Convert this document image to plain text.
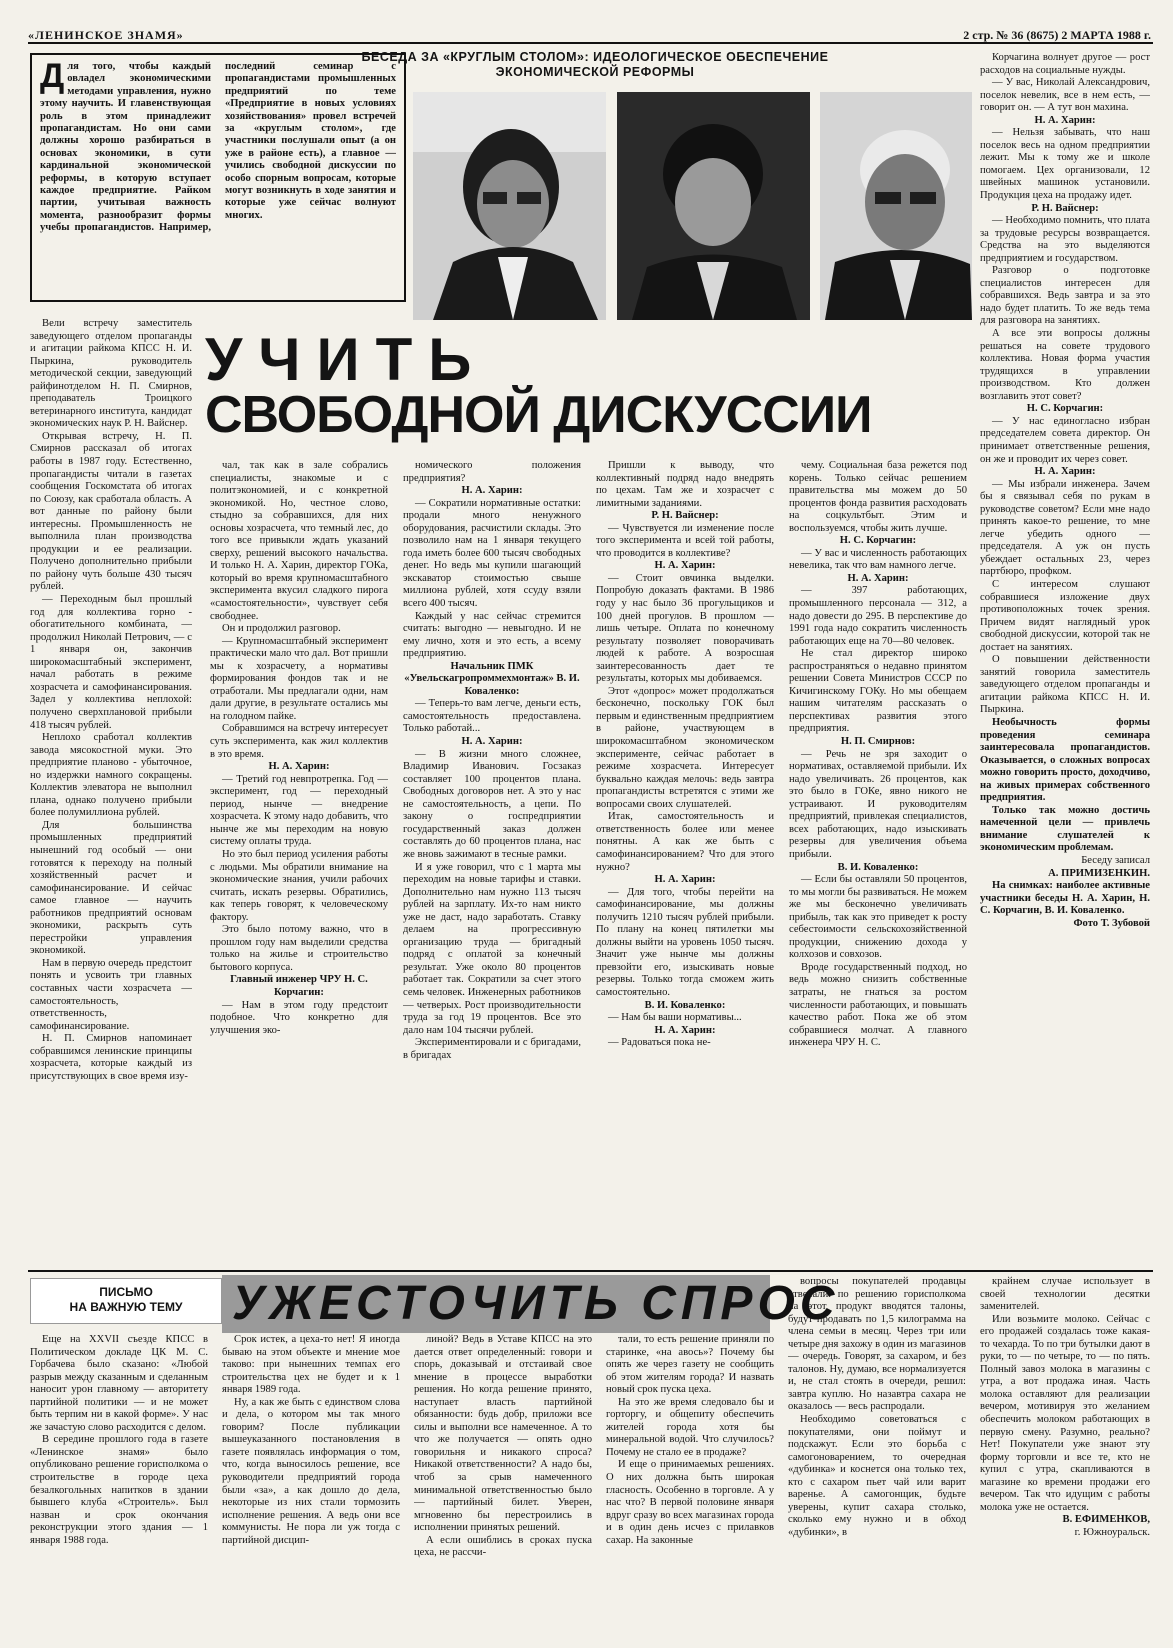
«ЛЕНИНСКОЕ ЗНАМЯ»	2 стр. № 36 (8675) 2 МАРТА 1988 г.
БЕСЕДА ЗА «КРУГЛЫМ СТОЛОМ»: ИДЕОЛОГИЧЕСКОЕ ОБЕСПЕЧЕНИЕ
ЭКОНОМИЧЕСКОЙ РЕФОРМЫ
Д ля того, чтобы каждый овладел экономическими методами управления, нужно этому научить. И главенствующая роль в этом принадлежит пропагандистам. Но они сами должны хорошо разбираться в основах экономики, в сути кардинальной экономической реформы, в которую вступает каждое предприятие. Райком партии, учитывая важность момента, разнообразит формы учебы пропагандистов. Например, последний семинар с пропагандистами промышленных предприятий по теме «Предприятие в новых условиях хозяйствования» провел встречей за «круглым столом», где участники послушали опыт (а он уже в районе есть), а главное — учились свободной дискуссии по особо спорным вопросам, которые могут возникнуть в ходе занятия и которые уже сейчас волнуют многих.
УЧИТЬ
СВОБОДНОЙ ДИСКУССИИ

Вели встречу заместитель заведующего отделом пропаганды и агитации райкома КПСС Н. И. Пыркина, руководитель методической секции, заведующий райфинотделом Н. П. Смирнов, преподаватель Троицкого ветеринарного института, кандидат экономических наук Р. Н. Вайснер.

Открывая встречу, Н. П. Смирнов рассказал об итогах работы в 1987 году. Естественно, пропагандисты читали в газетах сообщения Госкомстата об итогах по Союзу, как сработала область. А вот данные по району были интересны. Промышленность не выполнила план производства продукции и ее реализации. Получено дополнительно прибыли по району чуть больше 430 тысяч рублей.

— Переходным был прошлый год для коллектива горно - обогатительного комбината, — продолжил Николай Петрович, — с 1 января он, закончив широкомасштабный эксперимент, начал работать в режиме хозрасчета и самофинансирования. Задел у коллектива неплохой: получено сверхплановой прибыли 418 тысяч рублей.

Неплохо сработал коллектив завода мясокостной муки. Это предприятие планово - убыточное, но издержки намного сокращены. Коллектив элеватора не выполнил плана, однако получено прибыли более полумиллиона рублей.

Для большинства промышленных предприятий нынешний год особый — они готовятся к переходу на полный хозяйственный расчет и самофинансирование. И сейчас самое главное — научить работников предприятий основам экономики, раскрыть суть перестройки управления экономикой.

Нам в первую очередь предстоит понять и усвоить три главных составных части хозрасчета — самостоятельность, ответственность, самофинансирование.

Н. П. Смирнов напоминает собравшимся ленинские принципы хозрасчета, которые каждый из присутствующих в свое время изу-

чал, так как в зале собрались специалисты, знакомые и с политэкономией, и с конкретной экономикой. Но, честное слово, стыдно за собравшихся, для них основы хозрасчета, что темный лес, до того все привыкли ждать указаний сверху, решений высокого начальства. И только Н. А. Харин, директор ГОКа, который во время крупномасштабного эксперимента вкусил сладкого пирога «самостоятельности», чувствует себя свободнее.

Он и продолжил разговор.

— Крупномасштабный эксперимент практически мало что дал. Вот пришли мы к хозрасчету, а нормативы формирования фондов так и не отработали. Мы предлагали одни, нам дали другие, в результате остались мы на голодном пайке.

Собравшимся на встречу интересует суть эксперимента, как жил коллектив в это время.

Н. А. Харин:

— Третий год невпротрепка. Год — эксперимент, год — переходный период, нынче — внедрение хозрасчета. К этому надо добавить, что нынче же мы переходим на новую систему оплаты труда.

Но это был период усиления работы с людьми. Мы обратили внимание на экономические знания, учили рабочих считать, искать резервы. Обратились, как теперь говорят, к человеческому фактору.

Это было потому важно, что в прошлом году нам выделили средства только на жилье и строительство бытового корпуса.

Главный инженер ЧРУ Н. С. Корчагин:

— Нам в этом году предстоит подобное. Что конкретно для улучшения эко-

номического положения предприятия?

Н. А. Харин:

— Сократили нормативные остатки: продали много ненужного оборудования, расчистили склады. Это позволило нам на 1 января текущего года иметь более 600 тысяч свободных денег. Но ведь мы купили шагающий экскаватор стоимостью свыше миллиона рублей, хотя ссуду взяли всего 400 тысяч.

Каждый у нас сейчас стремится считать: выгодно — невыгодно. И не ему лично, хотя и это есть, а всему предприятию.

Начальник ПМК «Увельскагропроммехмонтаж» В. И. Коваленко:

— Теперь-то вам легче, деньги есть, самостоятельность предоставлена. Только работай...

Н. А. Харин:

— В жизни много сложнее, Владимир Иванович. Госзаказ составляет 100 процентов плана. Свободных договоров нет. А это у нас не самостоятельность, а цепи. По закону о госпредприятии государственный заказ должен составлять до 60 процентов плана, нас же вновь зажимают в тесные рамки.

И я уже говорил, что с 1 марта мы переходим на новые тарифы и ставки. Дополнительно нам нужно 113 тысяч рублей на зарплату. Их-то нам никто уже не даст, надо заработать. Ставку делаем на прогрессивную организацию труда — бригадный подряд с оплатой за конечный результат. Уже около 80 процентов работает так. Сократили за счет этого семь человек. Инженерных работников — четверых. Рост производительности труда за год 19 процентов. Все это дало нам 104 тысячи рублей.

Экспериментировали и с бригадами, в бригадах

Пришли к выводу, что коллективный подряд надо внедрять по цехам. Там же и хозрасчет с лимитными заданиями.

Р. Н. Вайснер:

— Чувствуется ли изменение после того эксперимента и всей той работы, что проводится в коллективе?

Н. А. Харин:

— Стоит овчинка выделки. Попробую доказать фактами. В 1986 году у нас было 36 прогульщиков и 100 дней прогулов. В прошлом — лишь четыре. Оплата по конечному результату позволяет поворачивать людей к работе. А возросшая заинтересованность дает те результаты, которых мы добиваемся.

Этот «допрос» может продолжаться бесконечно, поскольку ГОК был первым и единственным предприятием в районе, участвующем в широкомасштабном экономическом эксперименте, сейчас работает в режиме хозрасчета. Интересует буквально каждая мелочь: ведь завтра пропагандисты встретятся с этими же вопросами своих слушателей.

Итак, самостоятельность и ответственность более или менее понятны. А как же быть с самофинансированием? Что для этого нужно?

Н. А. Харин:

— Для того, чтобы перейти на самофинансирование, мы должны получить 1210 тысяч рублей прибыли. По плану на конец пятилетки мы должны выйти на уровень 1050 тысяч. Значит уже нынче мы должны превзойти его, изыскивать новые резервы. Только тогда сможем жить самостоятельно.

В. И. Коваленко:

— Нам бы ваши нормативы...

Н. А. Харин:

— Радоваться пока не-

чему. Социальная база режется под корень. Только сейчас решением правительства мы можем до 50 процентов фонда развития расходовать на соцкультбыт. Этим и воспользуемся, чтобы жить лучше.

Н. С. Корчагин:

— У вас и численность работающих невелика, так что вам намного легче.

Н. А. Харин:

— 397 работающих, промышленного персонала — 312, а надо довести до 295. В перспективе до 1991 года надо сократить численность работающих еще на 70—80 человек.

Не стал директор широко распространяться о недавно принятом решении Совета Министров СССР по Кичигинскому ГОКу. Но мы обещаем нашим читателям рассказать о перспективах развития этого предприятия.

Н. П. Смирнов:

— Речь не зря заходит о нормативах, оставляемой прибыли. Их надо увеличивать. 26 процентов, как это было в ГОКе, явно никого не устраивают. И руководителям предприятий, привлекая специалистов, всех работающих, надо изыскивать резервы для увеличения объема прибыли.

В. И. Коваленко:

— Если бы оставляли 50 процентов, то мы могли бы развиваться. Не можем же мы бесконечно увеличивать прибыль, так как это приведет к росту себестоимости сельскохозяйственной продукции, снижению дохода у колхозов и совхозов.

Вроде государственный подход, но ведь можно снизить собственные затраты, не гнаться за ростом численности работающих, и повышать качество работ. Пока же об этом собравшиеся молчат. А главного инженера ЧРУ Н. С.

Корчагина волнует другое — рост расходов на социальные нужды.

— У вас, Николай Александрович, поселок невелик, все в нем есть, — говорит он. — А тут вон махина.

Н. А. Харин:

— Нельзя забывать, что наш поселок весь на одном предприятии лежит. Мы к тому же и школе помогаем. Цех организовали, 12 швейных машинок установили. Продукция цеха на продажу идет.

Р. Н. Вайснер:

— Необходимо помнить, что плата за трудовые ресурсы возвращается. Средства на это выделяются предприятием и государством.

Разговор о подготовке специалистов интересен для собравшихся. Ведь завтра и за это надо будет платить. То же ведь тема для разговора на занятиях.

А все эти вопросы должны решаться на совете трудового коллектива. Новая форма участия трудящихся в управлении производством. Кто должен возглавить этот совет?

Н. С. Корчагин:

— У нас единогласно избран председателем совета директор. Он принимает ответственные решения, он же и проводит их через совет.

Н. А. Харин:

— Мы избрали инженера. Зачем бы я связывал себя по рукам в руководстве советом? Если мне надо принять какое-то решение, то мне легче убедить одного — председателя. А уж он пусть убеждает остальных 23, через партбюро, профком.

С интересом слушают собравшиеся изложение двух противоположных точек зрения. Причем видят наглядный урок свободной дискуссии, которой так не достает на занятиях.

О повышении действенности занятий говорила заместитель заведующего отделом пропаганды и агитации райкома КПСС Н. И. Пыркина.

Необычность формы проведения семинара заинтересовала пропагандистов. Оказывается, о сложных вопросах можно говорить просто, доходчиво, на живых примерах собственного предприятия.

Только так можно достичь намеченной цели — привлечь внимание слушателей к экономическим проблемам.

Беседу записал

А. ПРИМИЗЕНКИН.

На снимках: наиболее активные участники беседы Н. А. Харин, Н. С. Корчагин, В. И. Коваленко.

Фото Т. Зубовой

ПИСЬМО
НА ВАЖНУЮ ТЕМУ	УЖЕСТОЧИТЬ СПРОС

Еще на XXVII съезде КПСС в Политическом докладе ЦК М. С. Горбачева было сказано: «Любой разрыв между сказанным и сделанным наносит урон главному — авторитету партийной политики — и не может быть терпим ни в какой форме». У нас же зачастую слово расходится с делом.

В середине прошлого года в газете «Ленинское знамя» было опубликовано решение горисполкома о строительстве в городе цеха безалкогольных напитков в здании бывшего клуба «Строитель». Был назван и срок окончания реконструкции этого здания — 1 января 1988 года.

Срок истек, а цеха-то нет! Я иногда бываю на этом объекте и мнение мое таково: при нынешних темпах его строительства цех не будет и к 1 января 1989 года.

Ну, а как же быть с единством слова и дела, о котором мы так много говорим? После публикации вышеуказанного постановления в газете появлялась информация о том, что, когда выносилось решение, все руководители предприятий города были «за», а как дошло до дела, некоторые из них стали тормозить исполнение решения. А ведь они все коммунисты. Не пора ли уж тогда с партийной дисцип-

линой? Ведь в Уставе КПСС на это дается ответ определенный: говори и спорь, доказывай и отстаивай свое мнение в процессе выработки решения. Но когда решение принято, наступает власть партийной обязанности: будь добр, приложи все силы и выполни все намеченное. А то что же получается — опять одно говорильня и никакого спроса? Никакой ответственности? А надо бы, чтоб за срыв намеченного минимальной ответственностью было — партийный билет. Уверен, мгновенно бы перестроились в исполнении принятых решений.

А если ошиблись в сроках пуска цеха, не рассчи-

тали, то есть решение приняли по старинке, «на авось»? Почему бы опять же через газету не сообщить об этом жителям города? И назвать новый срок пуска цеха.

На это же время следовало бы и горторгу, и общепиту обеспечить жителей города хотя бы минеральной водой. Что случилось? Почему не стало ее в продаже?

И еще о принимаемых решениях. О них должна быть широкая гласность. Особенно в торговле. А у нас что? В первой половине января вдруг сразу во всех магазинах города и в один день исчез с прилавков сахар. На законные

вопросы покупателей продавцы отвечали: по решению горисполкома на этот продукт вводятся талоны, будут продавать по 1,5 килограмма на члена семьи в месяц. Через три или четыре дня захожу в один из магазинов — очередь. Говорят, за сахаром, и без талонов. Ну, думаю, все нормализуется и, не стал стоять в очереди, решил: завтра куплю. Но назавтра сахара не оказалось — весь распродали.

Необходимо советоваться с покупателями, они поймут и подскажут. Если это борьба с самогоноварением, то очередная «дубинка» и коснется она только тех, кто с сахаром пьет чай или варит варенье. А самогонщик, будьте уверены, купит сахара столько, сколько ему нужно и в обход «дубинки», в

крайнем случае использует в своей технологии десятки заменителей.

Или возьмите молоко. Сейчас с его продажей создалась тоже какая-то чехарда. То по три бутылки дают в руки, то — по четыре, то — по пять. Полный завоз молока в магазины с утра, а вот продажа иная. Часть молока оставляют для реализации вечером, мотивируя это желанием обеспечить молоком работающих в первую смену. Разумно, реально? Нет! Покупатели уже знают эту форму торговли и все те, кто не купил с утра, скапливаются в магазине ко времени продажи его вечером. Так что идущим с работы молока уже не остается.

В. ЕФИМЕНКОВ,

г. Южноуральск.
